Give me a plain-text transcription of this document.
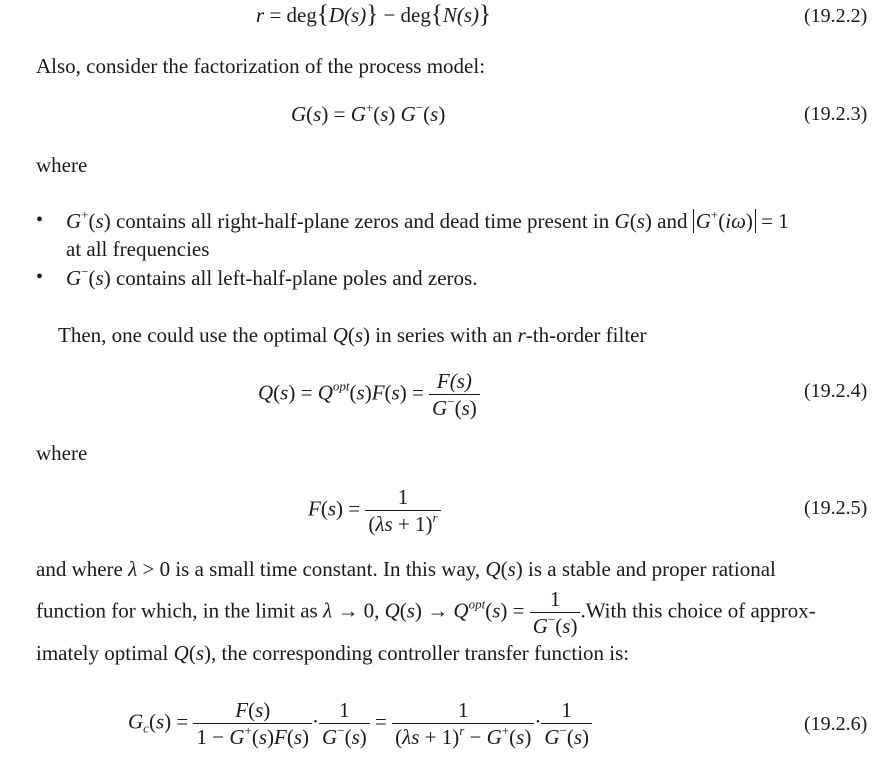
r = deg{D(s)} − deg{N(s)}	(19.2.2)
Also, consider the factorization of the process model:
G(s) = G+(s) G−(s)	(19.2.3)
where
• G+(s) contains all right-half-plane zeros and dead time present in G(s) and G+(iω) = 1
at all frequencies
• G−(s) contains all left-half-plane poles and zeros.
Then, one could use the optimal Q(s) in series with an r-th-order filter
$Q(s) = Q^{opt}(s)F(s) = \frac{F(s)}{G^-(s)}$	(19.2.4)
where
$F(s) = \frac{1}{(\lambda s + 1)^r}$	(19.2.5)
and where λ > 0 is a small time constant. In this way, Q(s) is a stable and proper rational
function for which, in the limit as λ → 0, $Q(s) \to Q^{opt}(s) = \frac{1}{G^-(s)}$ .With this choice of approx-
imately optimal Q(s), the corresponding controller transfer function is:
$G_c(s) = \frac{F(s)}{1 - G^+(s)F(s)} \cdot \frac{1}{G^-(s)} = \frac{1}{(\lambda s + 1)^r - G^+(s)} \cdot \frac{1}{G^-(s)}$	(19.2.6)
